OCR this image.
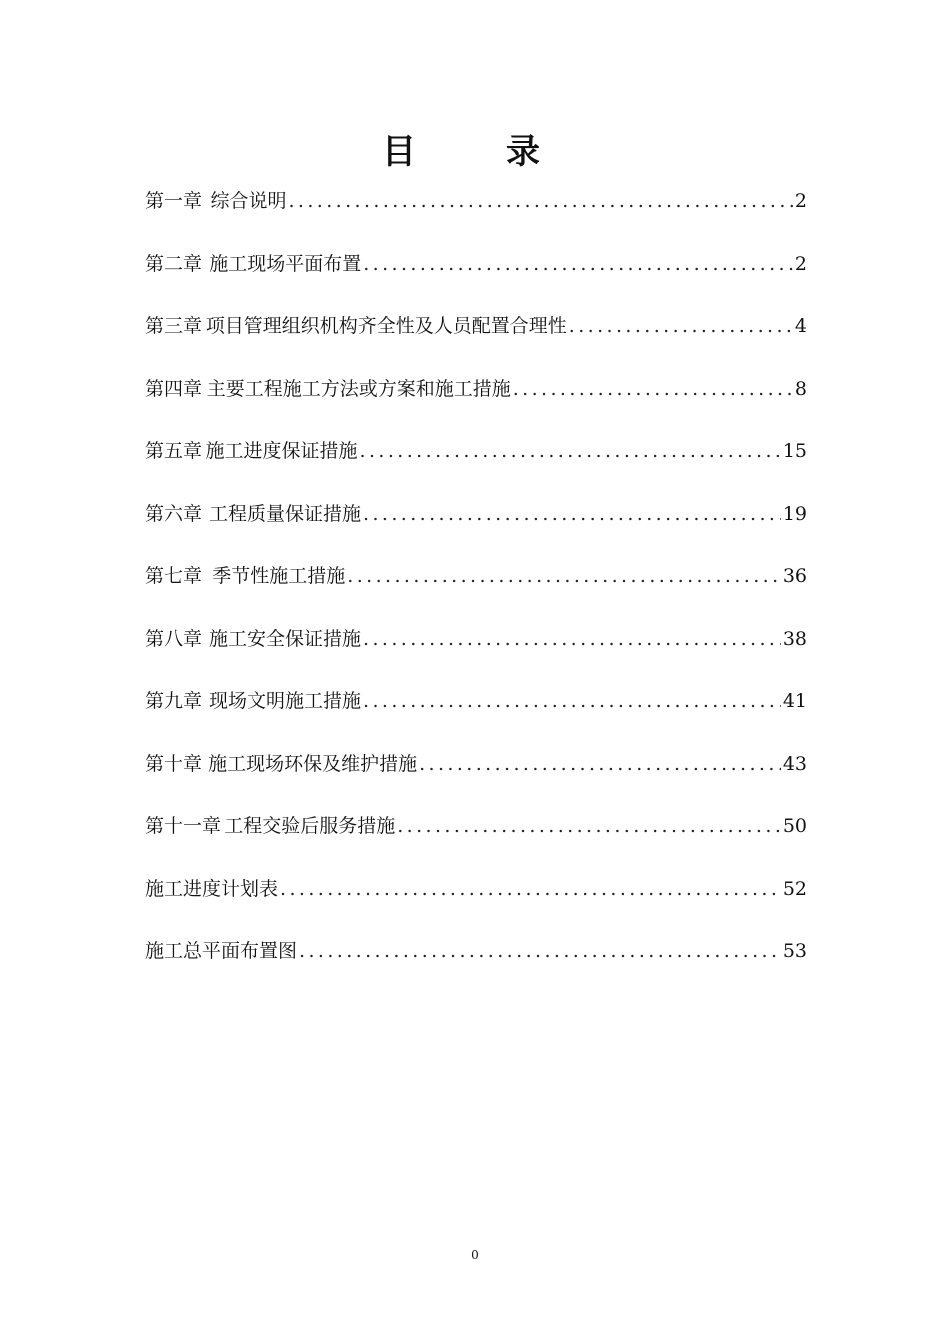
目　录
第一章 综合说明 .....	2
第二章 施工现场平面布置 .....	2
第三章 项目管理组织机构齐全性及人员配置合理性 .....	4
第四章 主要工程施工方法或方案和施工措施 .....	8
第五章 施工进度保证措施 .....	15
第六章 工程质量保证措施 .....	19
第七章 季节性施工措施 .....	36
第八章 施工安全保证措施 .....	38
第九章 现场文明施工措施 .....	41
第十章 施工现场环保及维护措施 .....	43
第十一章 工程交验后服务措施 .....	50
施工进度计划表 .....	52
施工总平面布置图 .....	53
0
